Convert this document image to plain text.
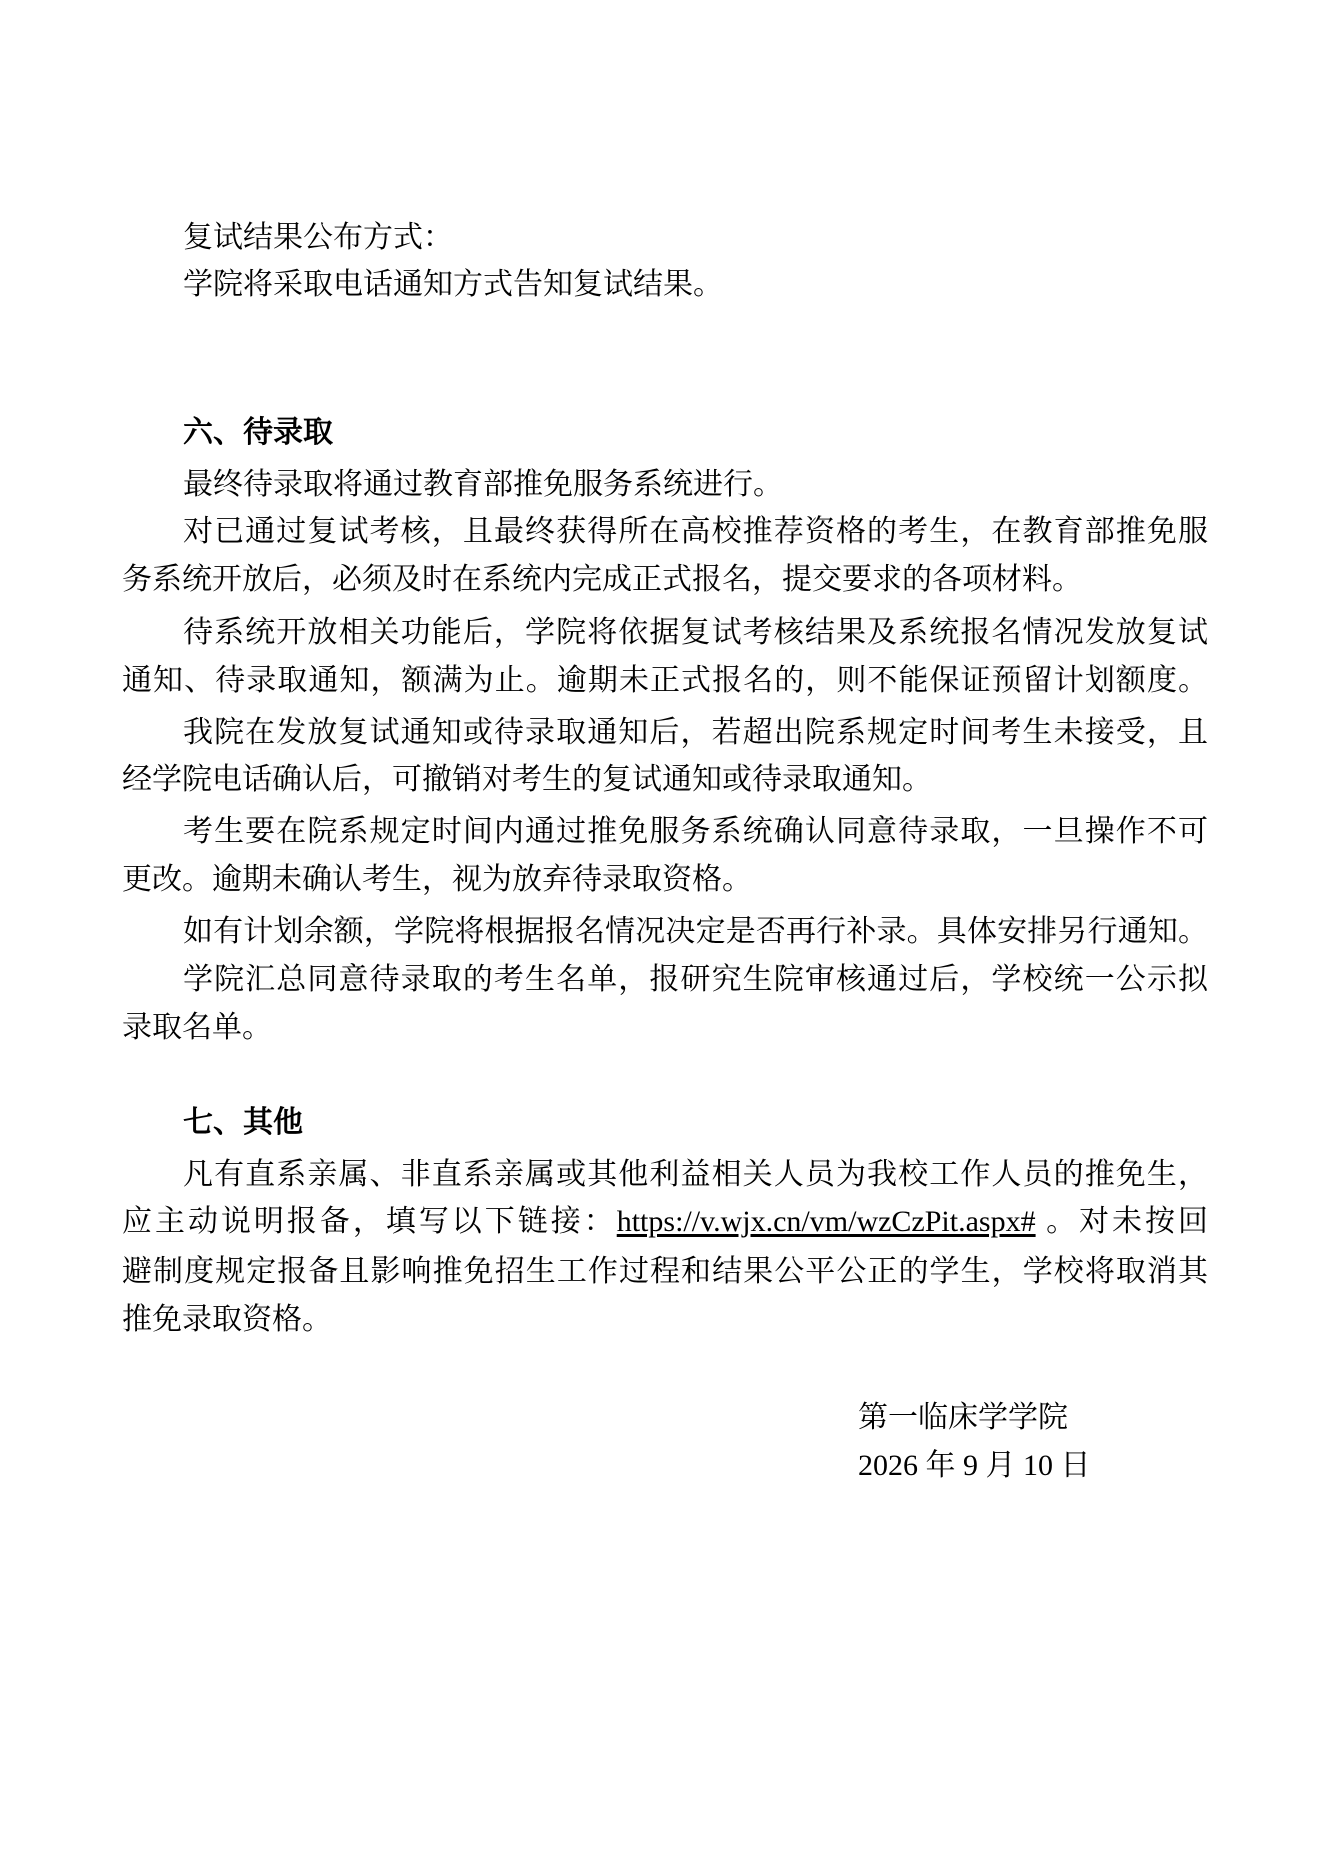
复试结果公布方式：
学院将采取电话通知方式告知复试结果。
六、待录取
最终待录取将通过教育部推免服务系统进行。
对已通过复试考核，且最终获得所在高校推荐资格的考生，在教育部推免服
务系统开放后，必须及时在系统内完成正式报名，提交要求的各项材料。
待系统开放相关功能后，学院将依据复试考核结果及系统报名情况发放复试
通知、待录取通知，额满为止。逾期未正式报名的，则不能保证预留计划额度。
我院在发放复试通知或待录取通知后，若超出院系规定时间考生未接受，且
经学院电话确认后，可撤销对考生的复试通知或待录取通知。
考生要在院系规定时间内通过推免服务系统确认同意待录取，一旦操作不可
更改。逾期未确认考生，视为放弃待录取资格。
如有计划余额，学院将根据报名情况决定是否再行补录。具体安排另行通知。
学院汇总同意待录取的考生名单，报研究生院审核通过后，学校统一公示拟
录取名单。
七、其他
凡有直系亲属、非直系亲属或其他利益相关人员为我校工作人员的推免生，
应主动说明报备，填写以下链接：https://v.wjx.cn/vm/wzCzPit.aspx# 。对未按回
避制度规定报备且影响推免招生工作过程和结果公平公正的学生，学校将取消其
推免录取资格。
第一临床学学院
2026 年 9 月 10 日
